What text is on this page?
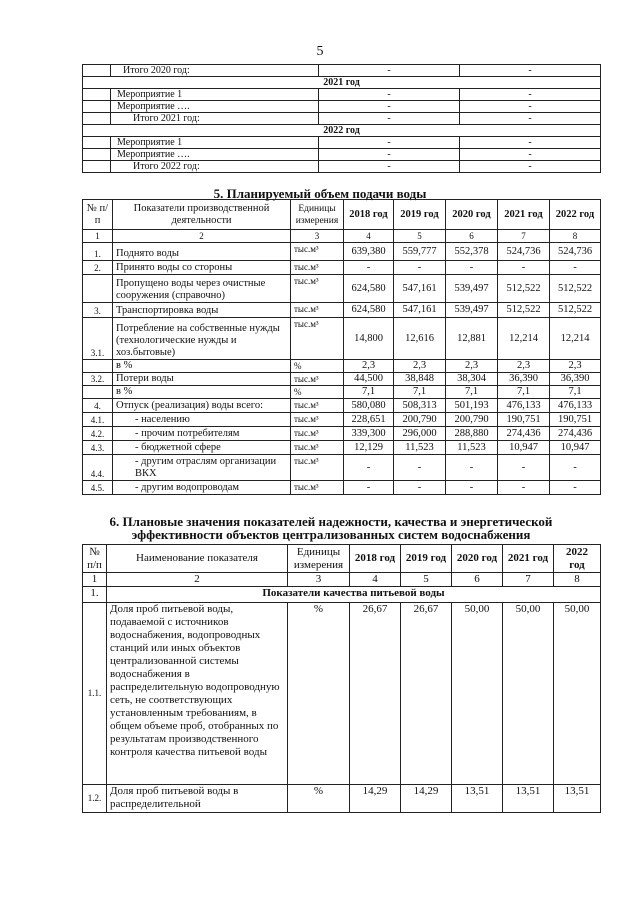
5
	Итого 2020 год:	-	-
2021 год			
	Мероприятие 1	-	-
	Мероприятие ….	-	-
	Итого 2021 год:	-	-
2022 год			
	Мероприятие 1	-	-
	Мероприятие ….	-	-
	Итого 2022 год:	-	-
5. Планируемый объем подачи воды
№ п/п	Показатели производственной деятельности	Единицы измерения	2018 год	2019 год	2020 год	2021 год	2022 год
1	2	3	4	5	6	7	8
1.	Поднято воды	тыс.м³	639,380	559,777	552,378	524,736	524,736
2.	Принято воды со стороны	тыс.м³	-	-	-	-	-
	Пропущено воды через очистные сооружения (справочно)	тыс.м³	624,580	547,161	539,497	512,522	512,522
3.	Транспортировка воды	тыс.м³	624,580	547,161	539,497	512,522	512,522
3.1.	Потребление на собственные нужды (технологические нужды и хоз.бытовые)	тыс.м³	14,800	12,616	12,881	12,214	12,214
	в %	%	2,3	2,3	2,3	2,3	2,3
3.2.	Потери воды	тыс.м³	44,500	38,848	38,304	36,390	36,390
	в %	%	7,1	7,1	7,1	7,1	7,1
4.	Отпуск (реализация) воды всего:	тыс.м³	580,080	508,313	501,193	476,133	476,133
4.1.	- населению	тыс.м³	228,651	200,790	200,790	190,751	190,751
4.2.	- прочим потребителям	тыс.м³	339,300	296,000	288,880	274,436	274,436
4.3.	- бюджетной сфере	тыс.м³	12,129	11,523	11,523	10,947	10,947
4.4.	- другим отраслям организации ВКХ	тыс.м³	-	-	-	-	-
4.5.	- другим водопроводам	тыс.м³	-	-	-	-	-
6. Плановые значения показателей надежности, качества и энергетической эффективности объектов централизованных систем водоснабжения
№ п/п	Наименование показателя	Единицы измерения	2018 год	2019 год	2020 год	2021 год	2022 год
1	2	3	4	5	6	7	8
1.	Показатели качества питьевой воды						
1.1.	Доля проб питьевой воды, подаваемой с источников водоснабжения, водопроводных станций или иных объектов централизованной системы водоснабжения в распределительную водопроводную сеть, не соответствующих установленным требованиям, в общем объеме проб, отобранных по результатам производственного контроля качества питьевой воды	%	26,67	26,67	50,00	50,00	50,00
1.2.	Доля проб питьевой воды в распределительной	%	14,29	14,29	13,51	13,51	13,51
